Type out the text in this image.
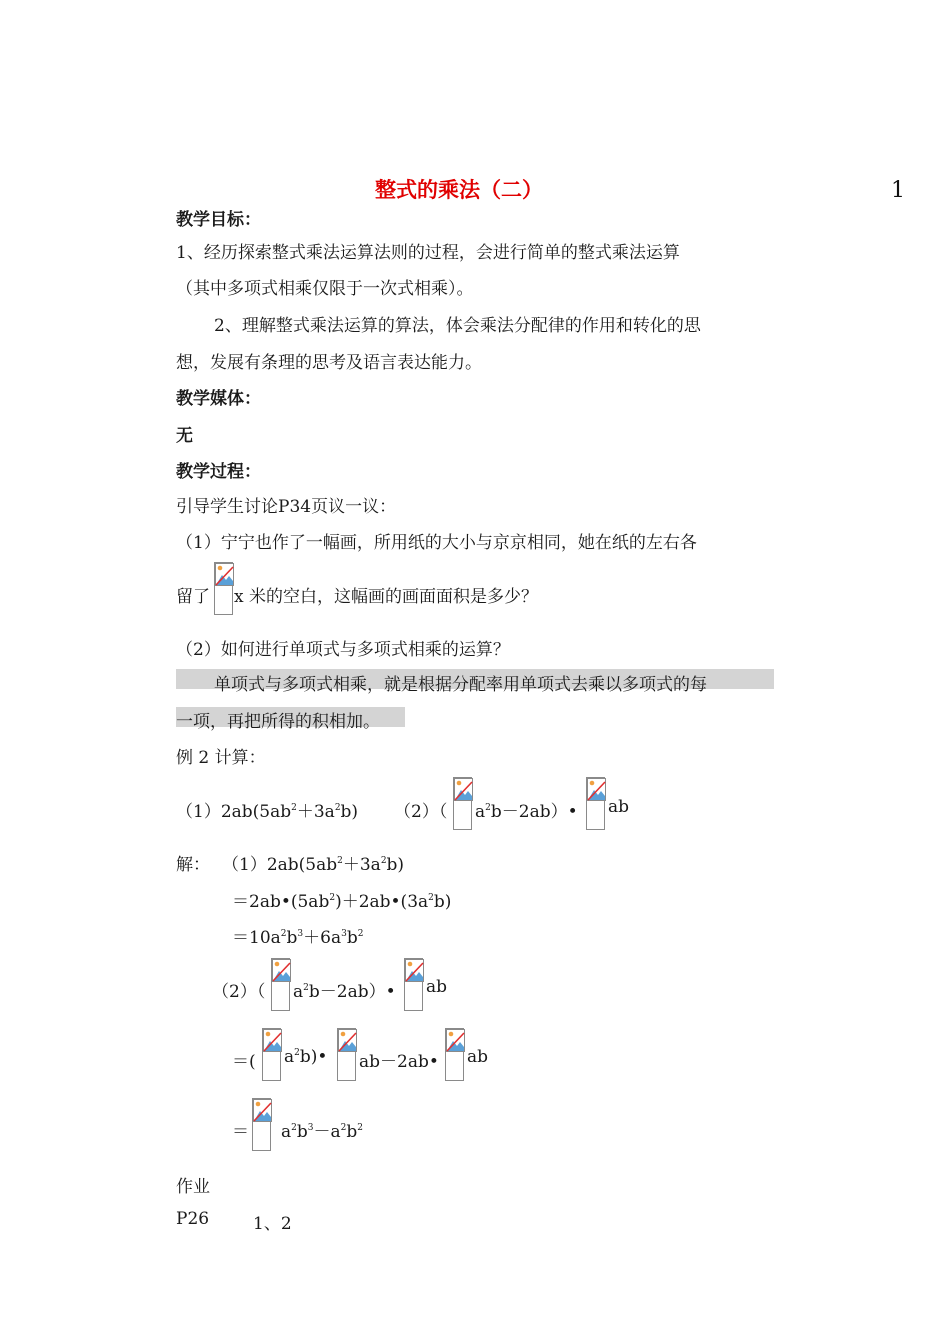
整式的乘法（二）	1
教学目标：
1、经历探索整式乘法运算法则的过程，会进行简单的整式乘法运算
（其中多项式相乘仅限于一次式相乘）。
2、理解整式乘法运算的算法，体会乘法分配律的作用和转化的思
想，发展有条理的思考及语言表达能力。
教学媒体：
无
教学过程：
引导学生讨论P34页议一议：
（1）宁宁也作了一幅画，所用纸的大小与京京相同，她在纸的左右各
留了 x 米的空白，这幅画的画面面积是多少？
（2）如何进行单项式与多项式相乘的运算？
单项式与多项式相乘，就是根据分配率用单项式去乘以多项式的每
一项，再把所得的积相加。
例 2 计算：
$(1)2ab(5ab^2+3a^2b)$ （2）（ $a^2b-2ab)•$ ab
解： $(1)2ab(5ab^2+3a^2b)$
$=2ab•(5ab^2)+2ab•(3a^2b)$
$=10a^2b^3+6a^3b^2$
（2）（ $a^2b-2ab)•$ ab
＝( $a^2b)•$ ab－2ab• ab
＝ $a^2b^3-a^2b^2$
作业
P26	1、2
